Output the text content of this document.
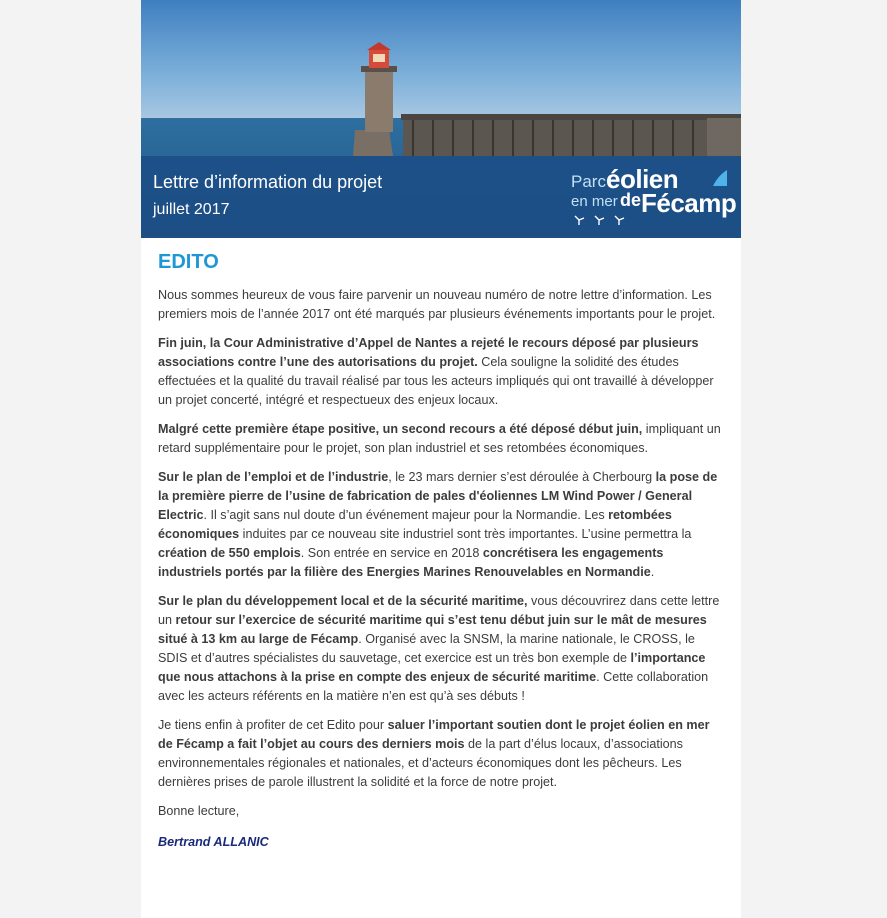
Lettre d’information du projet
juillet 2017
Parc éolien
en mer de Fécamp
EDITO

Nous sommes heureux de vous faire parvenir un nouveau numéro de notre lettre d’information. Les premiers mois de l’année 2017 ont été marqués par plusieurs événements importants pour le projet.

Fin juin, la Cour Administrative d’Appel de Nantes a rejeté le recours déposé par plusieurs associations contre l’une des autorisations du projet. Cela souligne la solidité des études effectuées et la qualité du travail réalisé par tous les acteurs impliqués qui ont travaillé à développer un projet concerté, intégré et respectueux des enjeux locaux.

Malgré cette première étape positive, un second recours a été déposé début juin, impliquant un retard supplémentaire pour le projet, son plan industriel et ses retombées économiques.

Sur le plan de l’emploi et de l’industrie, le 23 mars dernier s’est déroulée à Cherbourg la pose de la première pierre de l’usine de fabrication de pales d'éoliennes LM Wind Power / General Electric. Il s’agit sans nul doute d’un événement majeur pour la Normandie. Les retombées économiques induites par ce nouveau site industriel sont très importantes. L’usine permettra la création de 550 emplois. Son entrée en service en 2018 concrétisera les engagements industriels portés par la filière des Energies Marines Renouvelables en Normandie.

Sur le plan du développement local et de la sécurité maritime, vous découvrirez dans cette lettre un retour sur l’exercice de sécurité maritime qui s’est tenu début juin sur le mât de mesures situé à 13 km au large de Fécamp. Organisé avec la SNSM, la marine nationale, le CROSS, le SDIS et d’autres spécialistes du sauvetage, cet exercice est un très bon exemple de l’importance que nous attachons à la prise en compte des enjeux de sécurité maritime. Cette collaboration avec les acteurs référents en la matière n’en est qu’à ses débuts !

Je tiens enfin à profiter de cet Edito pour saluer l’important soutien dont le projet éolien en mer de Fécamp a fait l’objet au cours des derniers mois de la part d’élus locaux, d’associations environnementales régionales et nationales, et d’acteurs économiques dont les pêcheurs. Les dernières prises de parole illustrent la solidité et la force de notre projet.

Bonne lecture,

Bertrand ALLANIC
